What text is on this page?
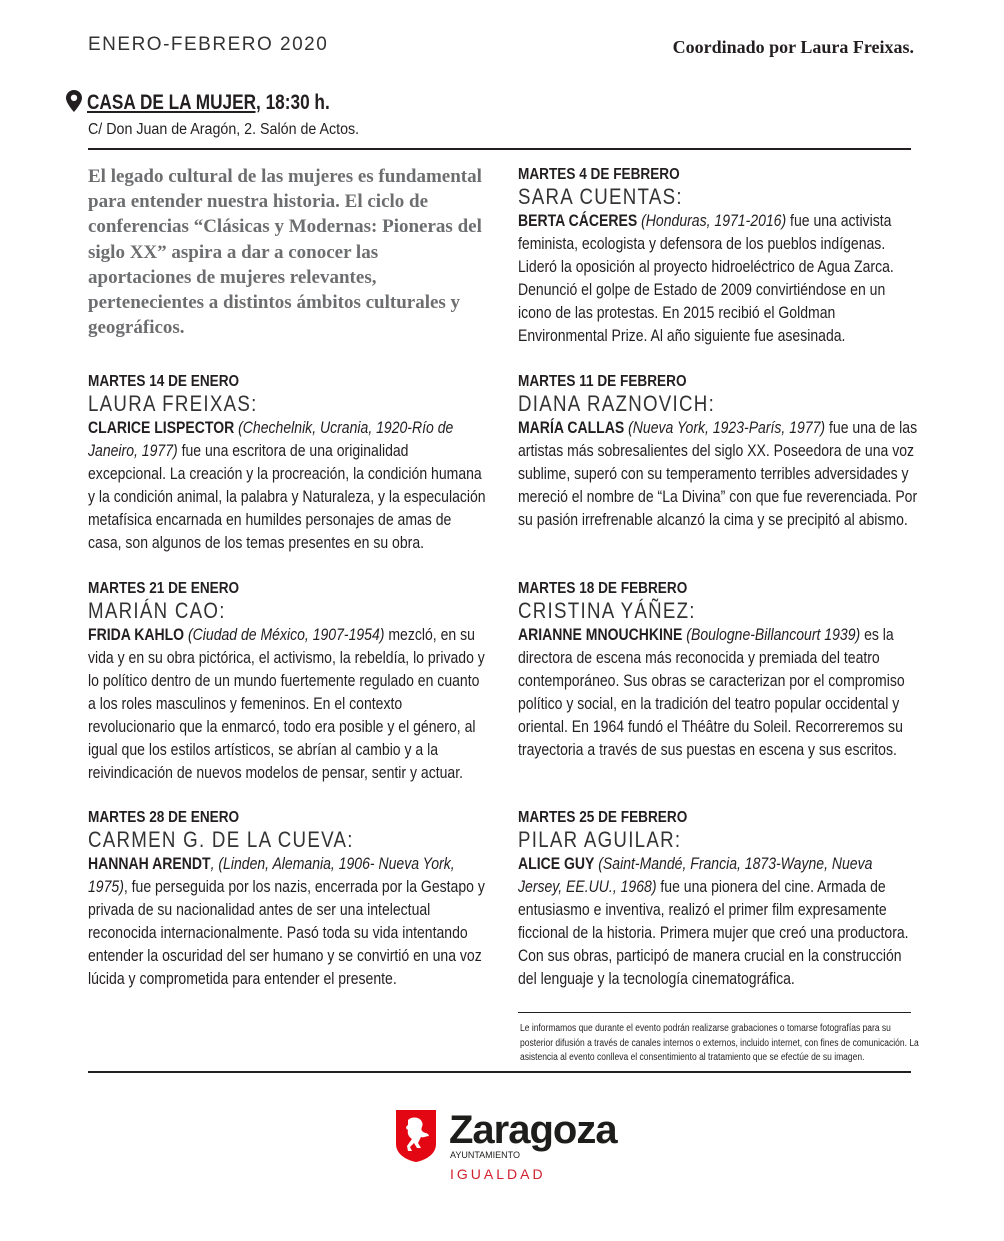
ENERO-FEBRERO 2020	Coordinado por Laura Freixas.
CASA DE LA MUJER, 18:30 h.
C/ Don Juan de Aragón, 2. Salón de Actos.
El legado cultural de las mujeres es fundamental para entender nuestra historia. El ciclo de conferencias “Clásicas y Modernas: Pioneras del siglo XX” aspira a dar a conocer las aportaciones de mujeres relevantes, pertenecientes a distintos ámbitos culturales y geográficos.
MARTES 14 DE ENERO
LAURA FREIXAS:
CLARICE LISPECTOR (Chechelnik, Ucrania, 1920-Río de Janeiro, 1977) fue una escritora de una originalidad excepcional. La creación y la procreación, la condición humana y la condición animal, la palabra y Naturaleza, y la especulación metafísica encarnada en humildes personajes de amas de casa, son algunos de los temas presentes en su obra.
MARTES 21 DE ENERO
MARIÁN CAO:
FRIDA KAHLO (Ciudad de México, 1907-1954) mezcló, en su vida y en su obra pictórica, el activismo, la rebeldía, lo privado y lo político dentro de un mundo fuertemente regulado en cuanto a los roles masculinos y femeninos. En el contexto revolucionario que la enmarcó, todo era posible y el género, al igual que los estilos artísticos, se abrían al cambio y a la reivindicación de nuevos modelos de pensar, sentir y actuar.
MARTES 28 DE ENERO
CARMEN G. DE LA CUEVA:
HANNAH ARENDT, (Linden, Alemania, 1906- Nueva York, 1975), fue perseguida por los nazis, encerrada por la Gestapo y privada de su nacionalidad antes de ser una intelectual reconocida internacionalmente. Pasó toda su vida intentando entender la oscuridad del ser humano y se convirtió en una voz lúcida y comprometida para entender el presente.
MARTES 4 DE FEBRERO
SARA CUENTAS:
BERTA CÁCERES (Honduras, 1971-2016) fue una activista feminista, ecologista y defensora de los pueblos indígenas. Lideró la oposición al proyecto hidroeléctrico de Agua Zarca. Denunció el golpe de Estado de 2009 convirtiéndose en un icono de las protestas. En 2015 recibió el Goldman Environmental Prize. Al año siguiente fue asesinada.
MARTES 11 DE FEBRERO
DIANA RAZNOVICH:
MARÍA CALLAS (Nueva York, 1923-París, 1977) fue una de las artistas más sobresalientes del siglo XX. Poseedora de una voz sublime, superó con su temperamento terribles adversidades y mereció el nombre de “La Divina” con que fue reverenciada. Por su pasión irrefrenable alcanzó la cima y se precipitó al abismo.
MARTES 18 DE FEBRERO
CRISTINA YÁÑEZ:
ARIANNE MNOUCHKINE (Boulogne-Billancourt 1939) es la directora de escena más reconocida y premiada del teatro contemporáneo. Sus obras se caracterizan por el compromiso político y social, en la tradición del teatro popular occidental y oriental. En 1964 fundó el Théâtre du Soleil. Recorreremos su trayectoria a través de sus puestas en escena y sus escritos.
MARTES 25 DE FEBRERO
PILAR AGUILAR:
ALICE GUY (Saint-Mandé, Francia, 1873-Wayne, Nueva Jersey, EE.UU., 1968) fue una pionera del cine. Armada de entusiasmo e inventiva, realizó el primer film expresamente ficcional de la historia. Primera mujer que creó una productora. Con sus obras, participó de manera crucial en la construcción del lenguaje y la tecnología cinematográfica.
Le informamos que durante el evento podrán realizarse grabaciones o tomarse fotografías para su posterior difusión a través de canales internos o externos, incluido internet, con fines de comunicación. La asistencia al evento conlleva el consentimiento al tratamiento que se efectúe de su imagen.
Zaragoza
AYUNTAMIENTO
IGUALDAD
